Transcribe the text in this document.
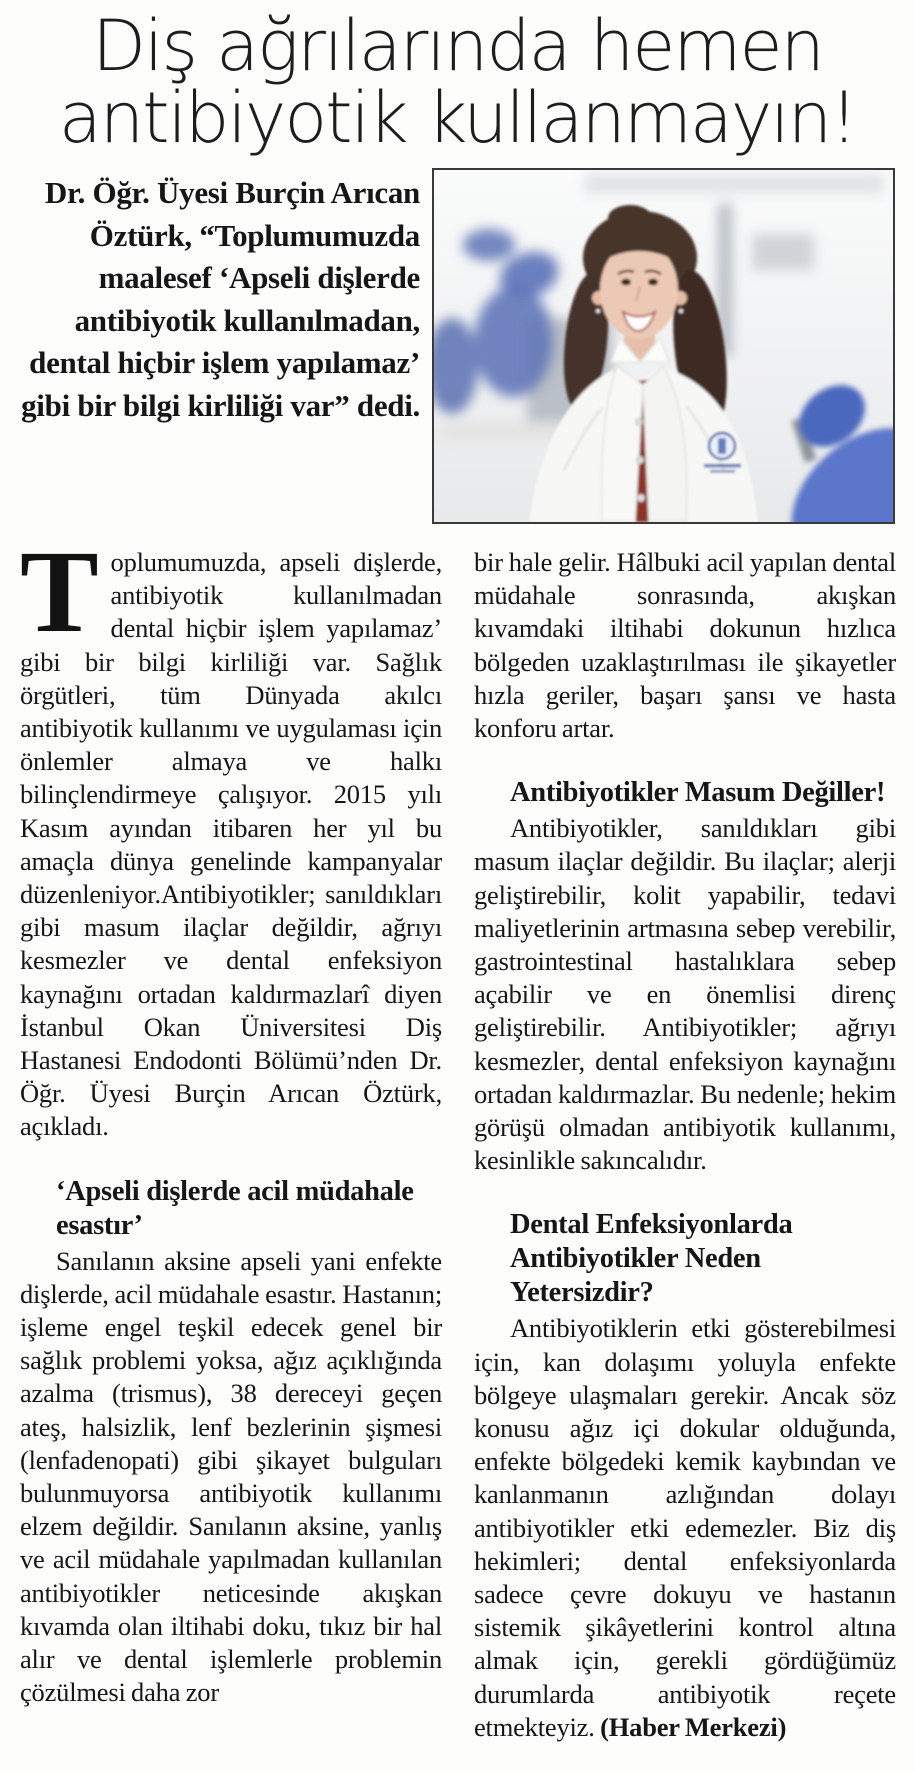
Diş ağrılarında hemen
antibiyotik kullanmayın!

Dr. Öğr. Üyesi Burçin Arıcan Öztürk, “Toplumumuzda maalesef ‘Apseli dişlerde antibiyotik kullanılmadan, dental hiçbir işlem yapılamaz’ gibi bir bilgi kirliliği var” dedi.

Toplumumuzda, apseli dişlerde, antibiyotik kullanılmadan dental hiçbir işlem yapılamaz’ gibi bir bilgi kirliliği var. Sağlık örgütleri, tüm Dünyada akılcı antibiyotik kullanımı ve uygulaması için önlemler almaya ve halkı bilinçlendirmeye çalışıyor. 2015 yılı Kasım ayından itibaren her yıl bu amaçla dünya genelinde kampanyalar düzenleniyor.Antibiyotikler; sanıldıkları gibi masum ilaçlar değildir, ağrıyı kesmezler ve dental enfeksiyon kaynağını ortadan kaldırmazlarî diyen İstanbul Okan Üniversitesi Diş Hastanesi Endodonti Bölümü’nden Dr. Öğr. Üyesi Burçin Arıcan Öztürk, açıkladı.

‘Apseli dişlerde acil müdahale esastır’

Sanılanın aksine apseli yani enfekte dişlerde, acil müdahale esastır. Hastanın; işleme engel teşkil edecek genel bir sağlık problemi yoksa, ağız açıklığında azalma (trismus), 38 dereceyi geçen ateş, halsizlik, lenf bezlerinin şişmesi (lenfadenopati) gibi şikayet bulguları bulunmuyorsa antibiyotik kullanımı elzem değildir. Sanılanın aksine, yanlış ve acil müdahale yapılmadan kullanılan antibiyotikler neticesinde akışkan kıvamda olan iltihabi doku, tıkız bir hal alır ve dental işlemlerle problemin çözülmesi daha zor

bir hale gelir. Hâlbuki acil yapılan dental müdahale sonrasında, akışkan kıvamdaki iltihabi dokunun hızlıca bölgeden uzaklaştırılması ile şikayetler hızla geriler, başarı şansı ve hasta konforu artar.

Antibiyotikler Masum Değiller!

Antibiyotikler, sanıldıkları gibi masum ilaçlar değildir. Bu ilaçlar; alerji geliştirebilir, kolit yapabilir, tedavi maliyetlerinin artmasına sebep verebilir, gastrointestinal hastalıklara sebep açabilir ve en önemlisi direnç geliştirebilir. Antibiyotikler; ağrıyı kesmezler, dental enfeksiyon kaynağını ortadan kaldırmazlar. Bu nedenle; hekim görüşü olmadan antibiyotik kullanımı, kesinlikle sakıncalıdır.

Dental Enfeksiyonlarda Antibiyotikler Neden Yetersizdir?

Antibiyotiklerin etki gösterebilmesi için, kan dolaşımı yoluyla enfekte bölgeye ulaşmaları gerekir. Ancak söz konusu ağız içi dokular olduğunda, enfekte bölgedeki kemik kaybından ve kanlanmanın azlığından dolayı antibiyotikler etki edemezler. Biz diş hekimleri; dental enfeksiyonlarda sadece çevre dokuyu ve hastanın sistemik şikâyetlerini kontrol altına almak için, gerekli gördüğümüz durumlarda antibiyotik reçete etmekteyiz. (Haber Merkezi)
